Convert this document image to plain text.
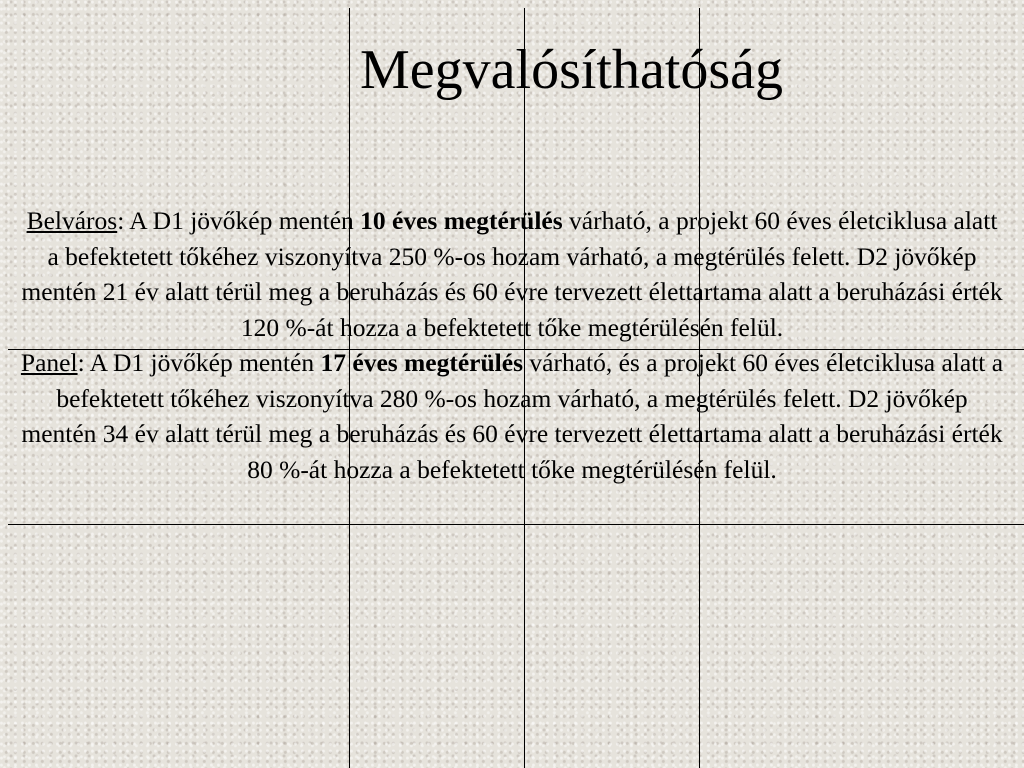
Megvalósíthatóság

Belváros: A D1 jövőkép mentén 10 éves megtérülés várható, a projekt 60 éves életciklusa alatt a befektetett tőkéhez viszonyítva 250 %-os hozam várható, a megtérülés felett. D2 jövőkép mentén 21 év alatt térül meg a beruházás és 60 évre tervezett élettartama alatt a beruházási érték 120 %-át hozza a befektetett tőke megtérülésén felül.
Panel: A D1 jövőkép mentén 17 éves megtérülés várható, és a projekt 60 éves életciklusa alatt a befektetett tőkéhez viszonyítva 280 %-os hozam várható, a megtérülés felett. D2 jövőkép mentén 34 év alatt térül meg a beruházás és 60 évre tervezett élettartama alatt a beruházási érték 80 %-át hozza a befektetett tőke megtérülésén felül.
